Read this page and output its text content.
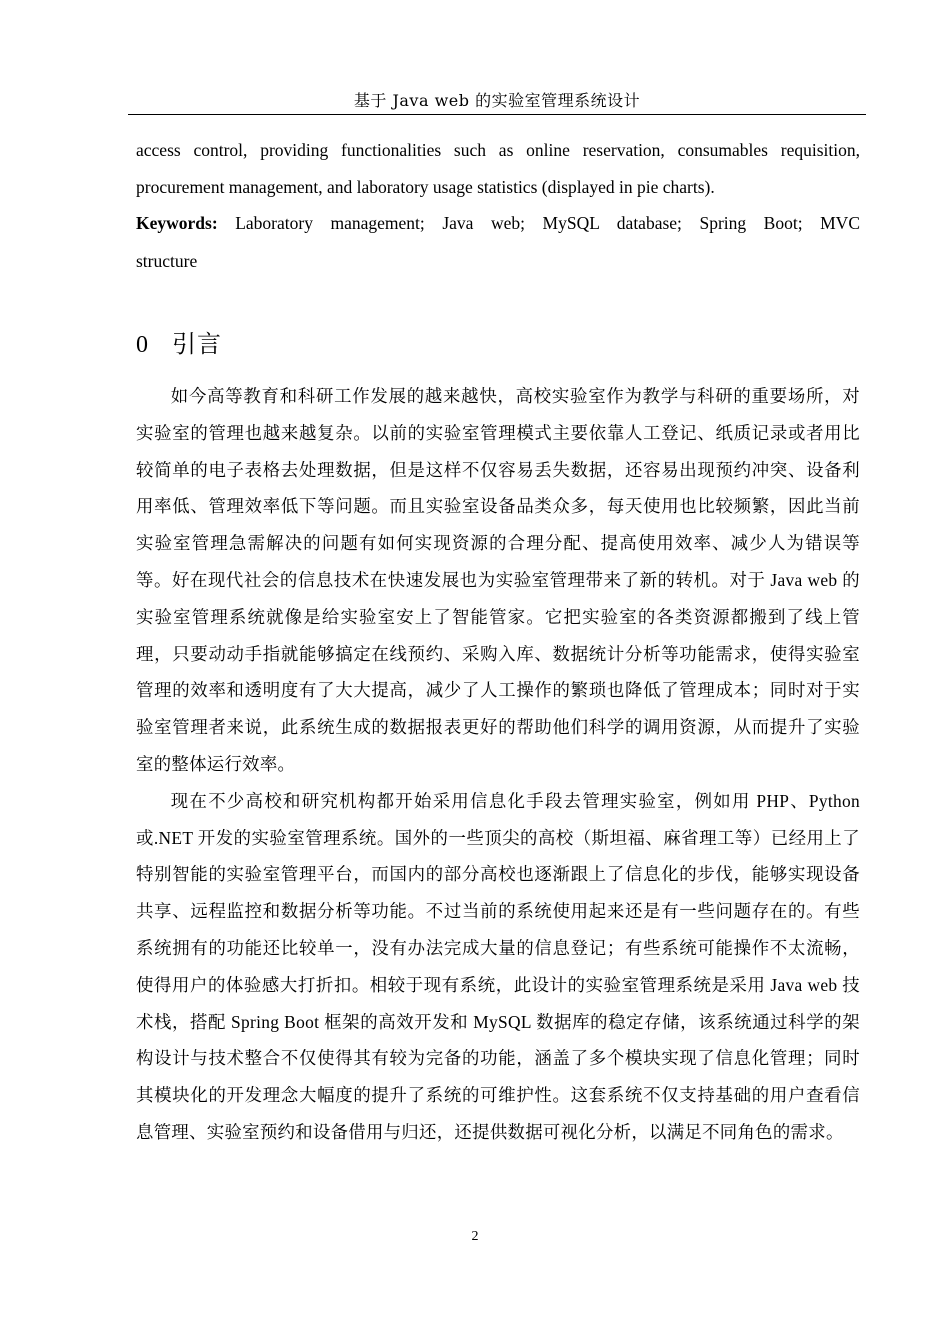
基于 Java web 的实验室管理系统设计

access control, providing functionalities such as online reservation, consumables requisition, procurement management, and laboratory usage statistics (displayed in pie charts).

Keywords: Laboratory management; Java web; MySQL database; Spring Boot; MVC structure

0 引言

如今高等教育和科研工作发展的越来越快，高校实验室作为教学与科研的重要场所，对实验室的管理也越来越复杂。以前的实验室管理模式主要依靠人工登记、纸质记录或者用比较简单的电子表格去处理数据，但是这样不仅容易丢失数据，还容易出现预约冲突、设备利用率低、管理效率低下等问题。而且实验室设备品类众多，每天使用也比较频繁，因此当前实验室管理急需解决的问题有如何实现资源的合理分配、提高使用效率、减少人为错误等等。好在现代社会的信息技术在快速发展也为实验室管理带来了新的转机。对于 Java web 的实验室管理系统就像是给实验室安上了智能管家。它把实验室的各类资源都搬到了线上管理，只要动动手指就能够搞定在线预约、采购入库、数据统计分析等功能需求，使得实验室管理的效率和透明度有了大大提高，减少了人工操作的繁琐也降低了管理成本；同时对于实验室管理者来说，此系统生成的数据报表更好的帮助他们科学的调用资源，从而提升了实验室的整体运行效率。

现在不少高校和研究机构都开始采用信息化手段去管理实验室，例如用 PHP、Python 或.NET 开发的实验室管理系统。国外的一些顶尖的高校（斯坦福、麻省理工等）已经用上了特别智能的实验室管理平台，而国内的部分高校也逐渐跟上了信息化的步伐，能够实现设备共享、远程监控和数据分析等功能。不过当前的系统使用起来还是有一些问题存在的。有些系统拥有的功能还比较单一，没有办法完成大量的信息登记；有些系统可能操作不太流畅，使得用户的体验感大打折扣。相较于现有系统，此设计的实验室管理系统是采用 Java web 技术栈，搭配 Spring Boot 框架的高效开发和 MySQL 数据库的稳定存储，该系统通过科学的架构设计与技术整合不仅使得其有较为完备的功能，涵盖了多个模块实现了信息化管理；同时其模块化的开发理念大幅度的提升了系统的可维护性。这套系统不仅支持基础的用户查看信息管理、实验室预约和设备借用与归还，还提供数据可视化分析，以满足不同角色的需求。

2
